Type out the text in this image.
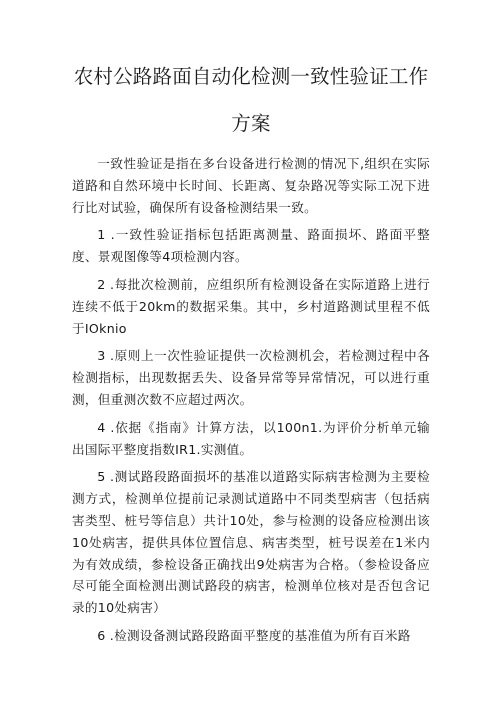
农村公路路面自动化检测一致性验证工作
方案

一致性验证是指在多台设备进行检测的情况下,组织在实际道路和自然环境中长时间、长距离、复杂路况等实际工况下进行比对试验，确保所有设备检测结果一致。

1 .一致性验证指标包括距离测量、路面损坏、路面平整度、景观图像等4项检测内容。

2 .每批次检测前，应组织所有检测设备在实际道路上进行连续不低于20km的数据采集。其中，乡村道路测试里程不低于IOknio

3 .原则上一次性验证提供一次检测机会，若检测过程中各检测指标，出现数据丢失、设备异常等异常情况，可以进行重测，但重测次数不应超过两次。

4 .依据《指南》计算方法，以100n1.为评价分析单元输出国际平整度指数IR1.实测值。

5 .测试路段路面损坏的基准以道路实际病害检测为主要检测方式，检测单位提前记录测试道路中不同类型病害（包括病害类型、桩号等信息）共计10处，参与检测的设备应检测出该10处病害，提供具体位置信息、病害类型，桩号误差在1米内为有效成绩，参检设备正确找出9处病害为合格。（参检设备应尽可能全面检测出测试路段的病害，检测单位核对是否包含记录的10处病害）

6 .检测设备测试路段路面平整度的基准值为所有百米路
